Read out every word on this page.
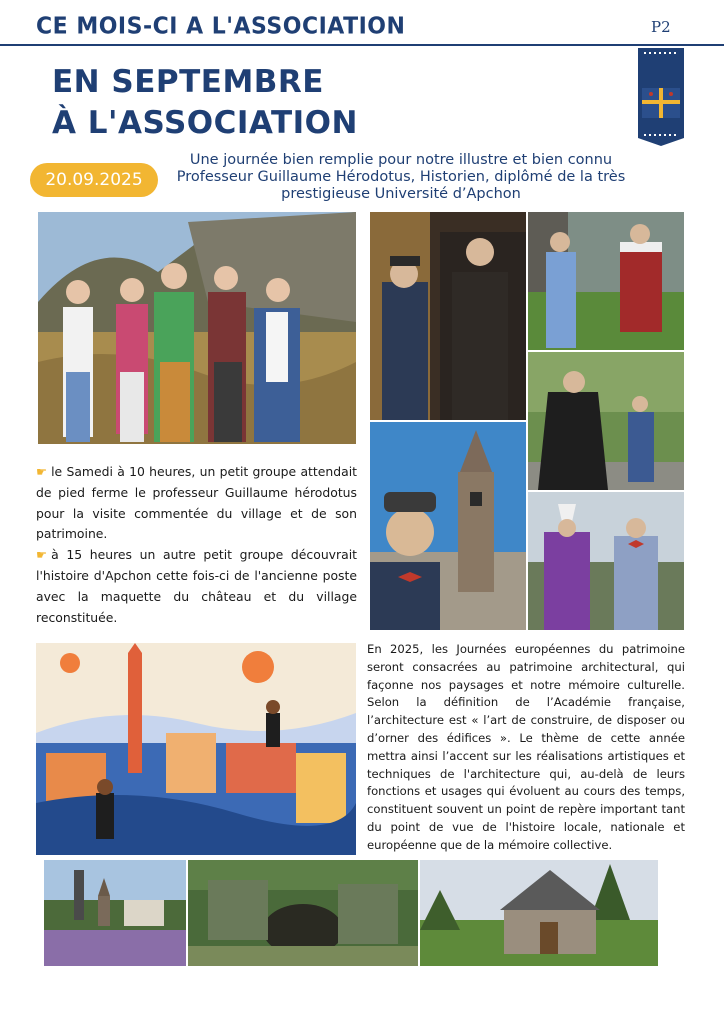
CE MOIS-CI A L'ASSOCIATION	P2
EN SEPTEMBRE
À L'ASSOCIATION
20.09.2025
Une journée bien remplie pour notre illustre et bien connu Professeur Guillaume Hérodotus, Historien, diplômé de la très prestigieuse Université d’Apchon

☛ le Samedi à 10 heures, un petit groupe attendait de pied ferme le professeur Guillaume hérodotus pour la visite commentée du village et de son patrimoine.

☛ à 15 heures un autre petit groupe découvrait l'histoire d'Apchon cette fois-ci de l'ancienne poste avec la maquette du château et du village reconstituée.

En 2025, les Journées européennes du patrimoine seront consacrées au patrimoine architectural, qui façonne nos paysages et notre mémoire culturelle. Selon la définition de l’Académie française, l’architecture est « l’art de construire, de disposer ou d’orner des édifices ». Le thème de cette année mettra ainsi l’accent sur les réalisations artistiques et techniques de l'architecture qui, au-delà de leurs fonctions et usages qui évoluent au cours des temps, constituent souvent un point de repère important tant du point de vue de l'histoire locale, nationale et européenne que de la mémoire collective.
